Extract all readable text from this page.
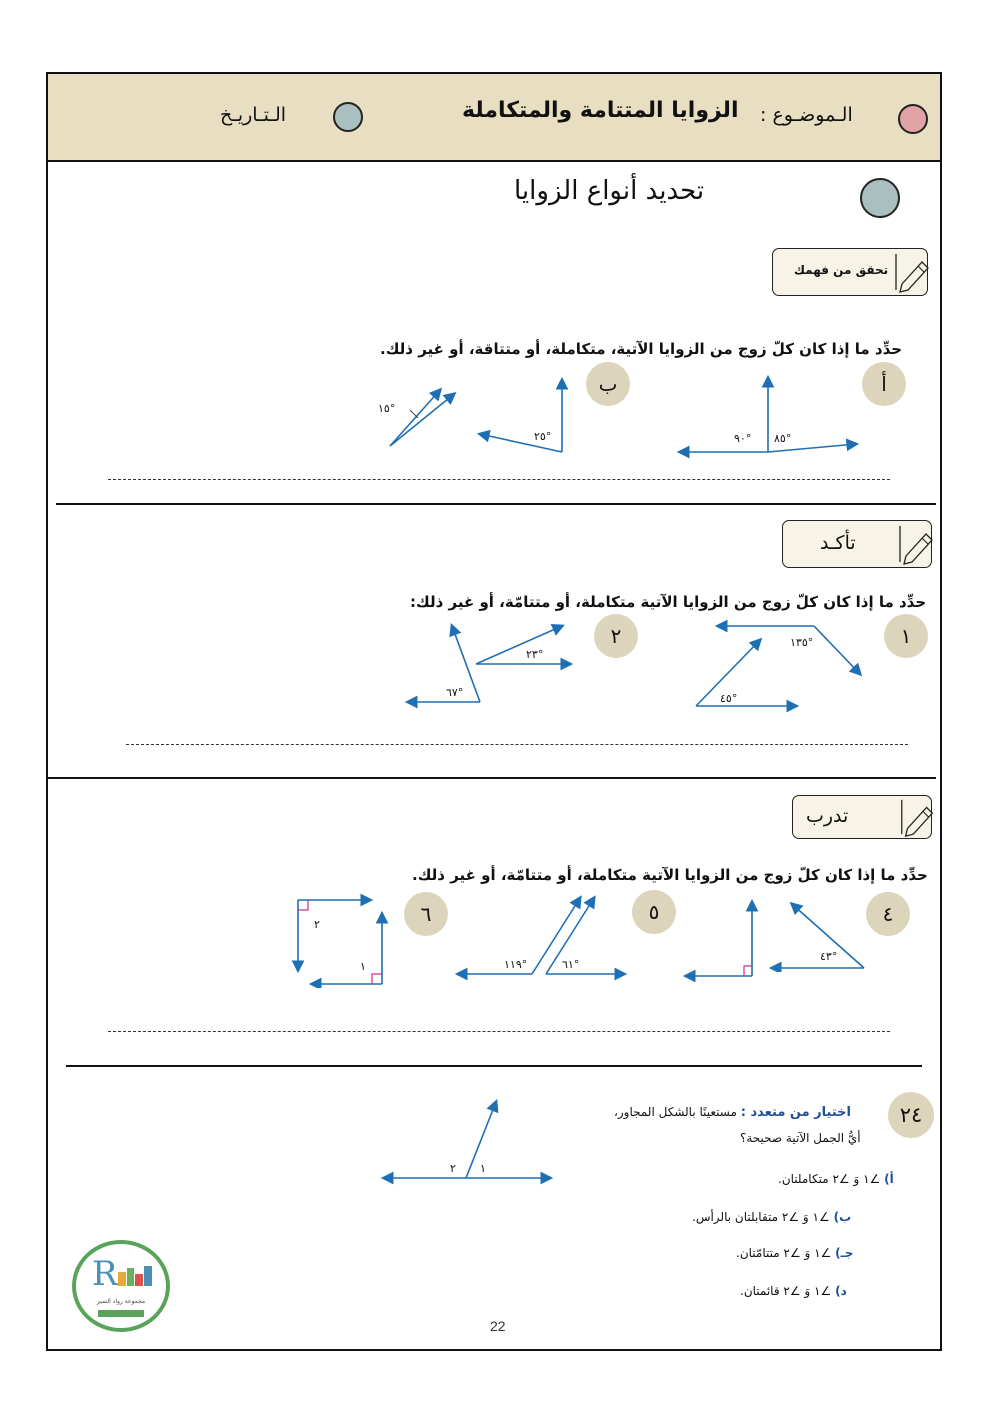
الـموضـوع :
الزوايا المتتامة والمتكاملة
الـتـاريـخ
تحديد أنواع الزوايا
تحقق من فهمك
حدِّد ما إذا كان كلّ زوج من الزوايا الآتية، متكاملة، أو متتاقة، أو غير ذلك.
أ
ب
٨٥°
٩٠°
٢٥°
١٥°
تأكـد
حدِّد ما إذا كان كلّ زوج من الزوايا الآتية متكاملة، أو متتامّة، أو غير ذلك:
١
٢	١٣٥°
٤٥°
٢٣°
٦٧°
تدرب
حدِّد ما إذا كان كلّ زوج من الزوايا الآتية متكاملة، أو متتامّة، أو غير ذلك.
٤
٥
٦
٤٣°
٦١°
١١٩°
٢
١
٢٤
اختيار من متعدد : مستعينًا بالشكل المجاور،
أيُّ الجمل الآتية صحيحة؟
٢ ١
أ) ∠١ وَ ∠٢ متكاملتان.
ب) ∠١ وَ ∠٢ متقابلتان بالرأس.
جـ) ∠١ وَ ∠٢ متتامّتان.
د) ∠١ وَ ∠٢ قائمتان.
R
مجموعة رواد التميز
22
